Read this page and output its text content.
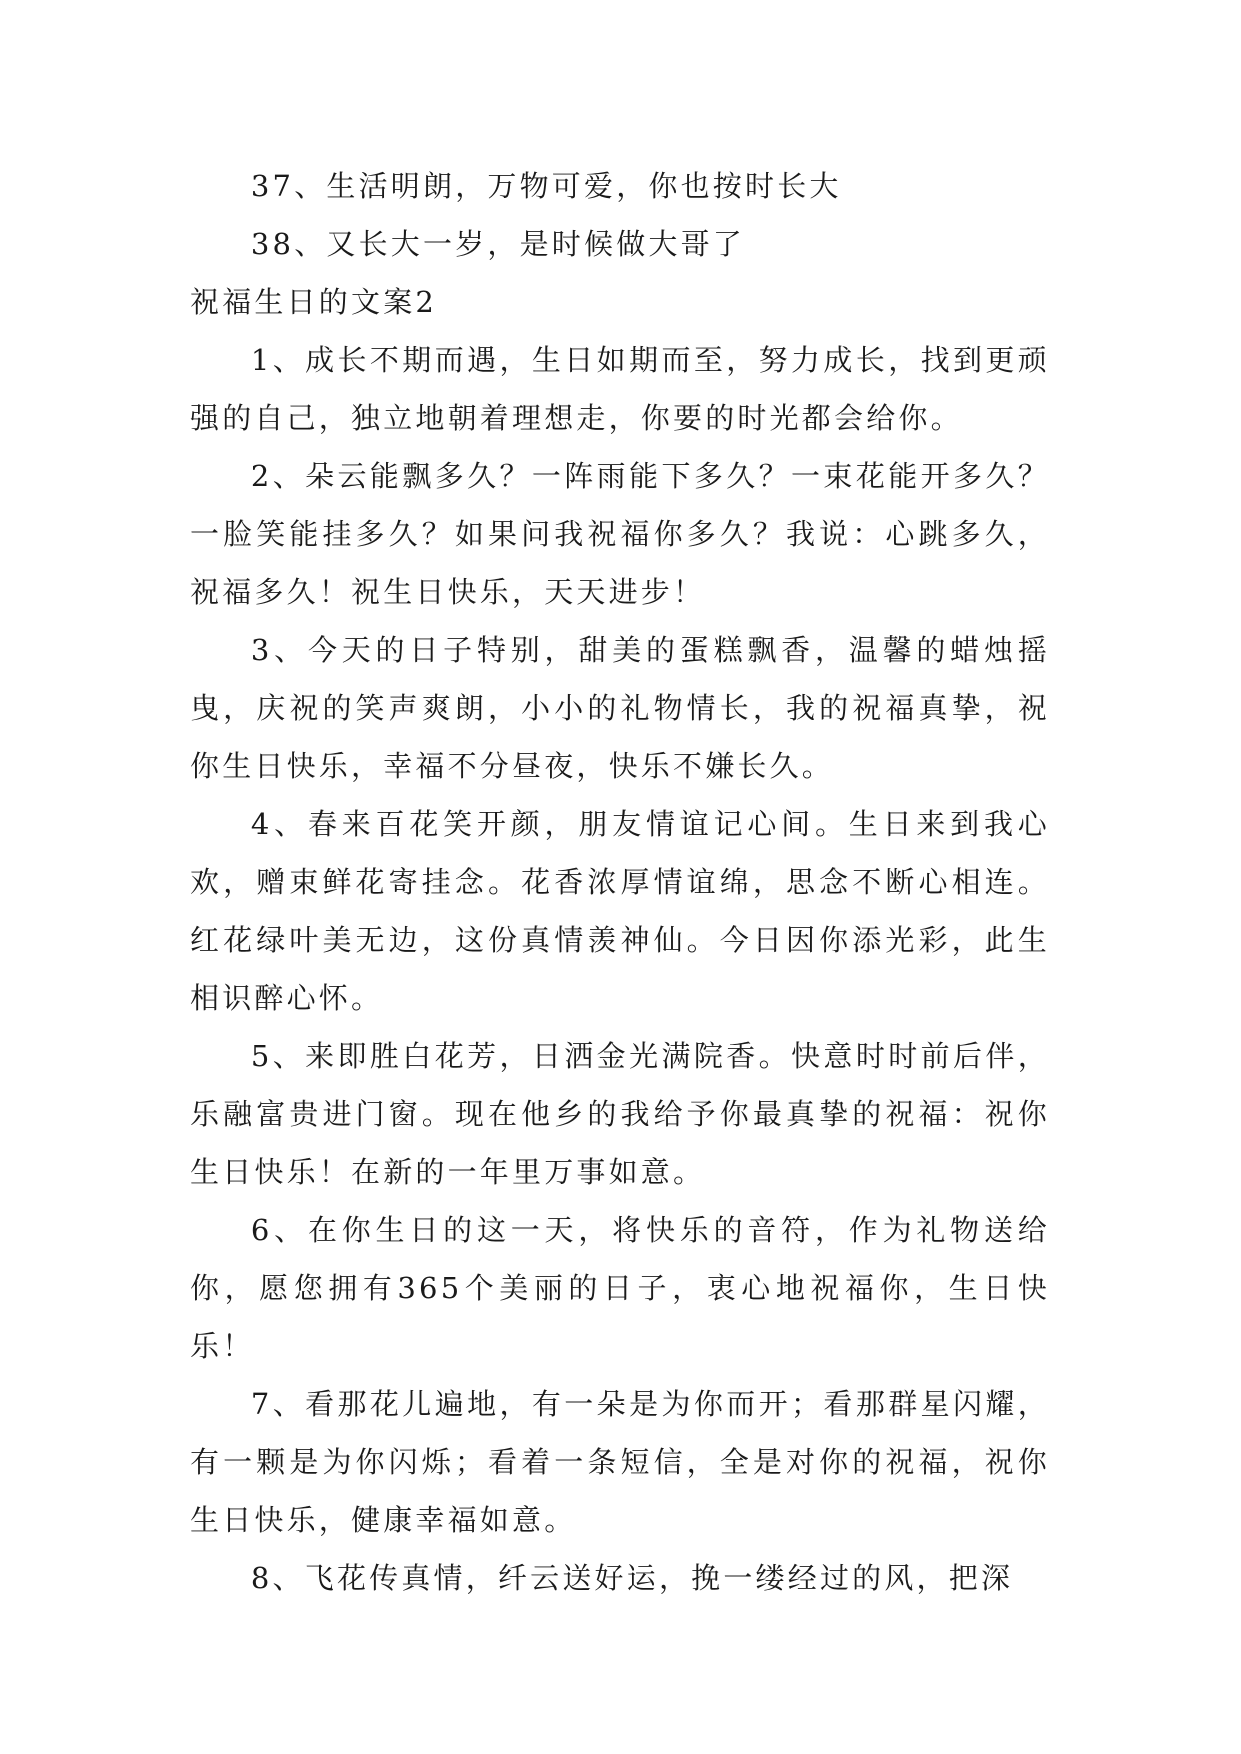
37、生活明朗，万物可爱，你也按时长大

38、又长大一岁，是时候做大哥了

祝福生日的文案2

1、成长不期而遇，生日如期而至，努力成长，找到更顽强的自己，独立地朝着理想走，你要的时光都会给你。

2、朵云能飘多久？一阵雨能下多久？一束花能开多久？一脸笑能挂多久？如果问我祝福你多久？我说：心跳多久，祝福多久！祝生日快乐，天天进步！

3、今天的日子特别，甜美的蛋糕飘香，温馨的蜡烛摇曳，庆祝的笑声爽朗，小小的礼物情长，我的祝福真挚，祝你生日快乐，幸福不分昼夜，快乐不嫌长久。

4、春来百花笑开颜，朋友情谊记心间。生日来到我心欢，赠束鲜花寄挂念。花香浓厚情谊绵，思念不断心相连。红花绿叶美无边，这份真情羡神仙。今日因你添光彩，此生相识醉心怀。

5、来即胜白花芳，日洒金光满院香。快意时时前后伴，乐融富贵进门窗。现在他乡的我给予你最真挚的祝福：祝你生日快乐！在新的一年里万事如意。

6、在你生日的这一天，将快乐的音符，作为礼物送给你，愿您拥有365个美丽的日子，衷心地祝福你，生日快乐！

7、看那花儿遍地，有一朵是为你而开；看那群星闪耀，有一颗是为你闪烁；看着一条短信，全是对你的祝福，祝你生日快乐，健康幸福如意。

8、飞花传真情，纤云送好运，挽一缕经过的风，把深
